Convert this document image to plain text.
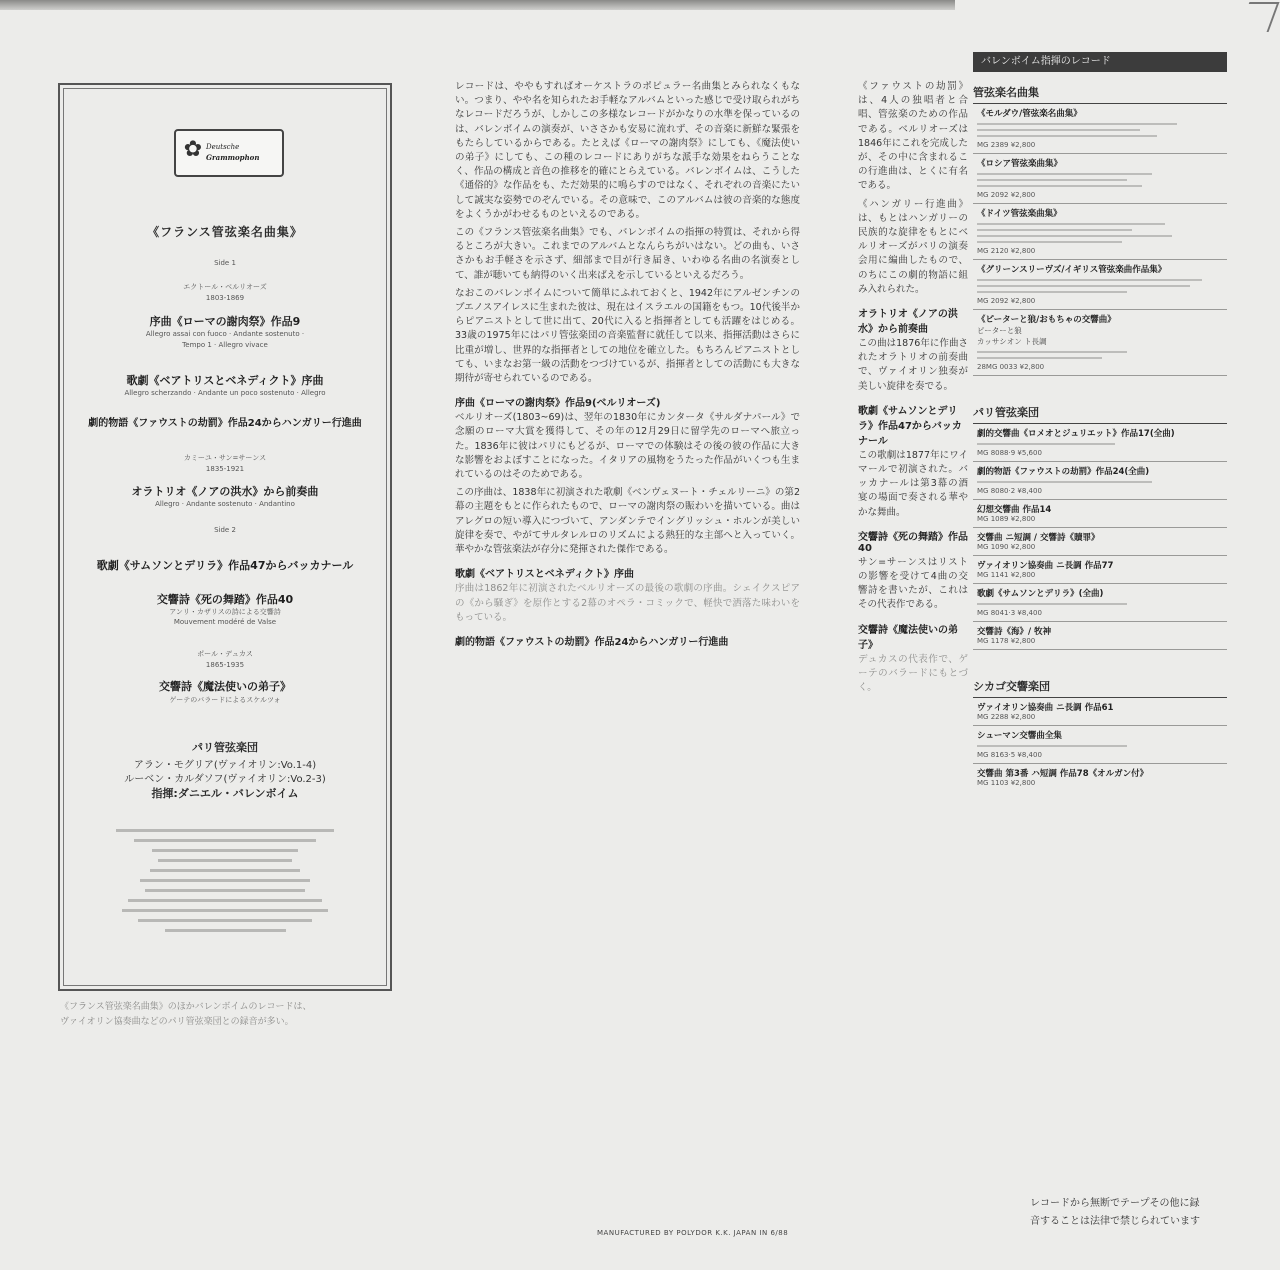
✿ Deutsche
Grammophon
《フランス管弦楽名曲集》
Side 1
エクトール・ベルリオーズ
1803-1869
序曲《ローマの謝肉祭》作品9
Allegro assai con fuoco · Andante sostenuto ·
Tempo 1 · Allegro vivace
歌劇《ベアトリスとベネディクト》序曲
Allegro scherzando · Andante un poco sostenuto · Allegro
劇的物語《ファウストの劫罰》作品24からハンガリー行進曲
カミーユ・サン=サーンス
1835-1921
オラトリオ《ノアの洪水》から前奏曲
Allegro · Andante sostenuto · Andantino
Side 2
歌劇《サムソンとデリラ》作品47からバッカナール
交響詩《死の舞踏》作品40
アンリ・カザリスの詩による交響詩
Mouvement modéré de Valse
ポール・デュカス
1865-1935
交響詩《魔法使いの弟子》
ゲーテのバラードによるスケルツォ
パリ管弦楽団
アラン・モグリア(ヴァイオリン:Vo.1-4)
ルーベン・カルダソフ(ヴァイオリン:Vo.2-3)
指揮:ダニエル・バレンボイム

《フランス管弦楽名曲集》のほかバレンボイムのレコードは、

ヴァイオリン協奏曲などのパリ管弦楽団との録音が多い。

レコードは、ややもすればオーケストラのポピュラー名曲集とみられなくもない。つまり、やや名を知られたお手軽なアルバムといった感じで受け取られがちなレコードだろうが、しかしこの多様なレコードがかなりの水準を保っているのは、バレンボイムの演奏が、いささかも安易に流れず、その音楽に新鮮な緊張をもたらしているからである。たとえば《ローマの謝肉祭》にしても、《魔法使いの弟子》にしても、この種のレコードにありがちな派手な効果をねらうことなく、作品の構成と音色の推移を的確にとらえている。バレンボイムは、こうした《通俗的》な作品をも、ただ効果的に鳴らすのではなく、それぞれの音楽にたいして誠実な姿勢でのぞんでいる。その意味で、このアルバムは彼の音楽的な態度をよくうかがわせるものといえるのである。
この《フランス管弦楽名曲集》でも、バレンボイムの指揮の特質は、それから得るところが大きい。これまでのアルバムとなんらちがいはない。どの曲も、いささかもお手軽さを示さず、細部まで目が行き届き、いわゆる名曲の名演奏として、誰が聴いても納得のいく出来ばえを示しているといえるだろう。
なおこのバレンボイムについて簡単にふれておくと、1942年にアルゼンチンのブエノスアイレスに生まれた彼は、現在はイスラエルの国籍をもつ。10代後半からピアニストとして世に出て、20代に入ると指揮者としても活躍をはじめる。33歳の1975年にはパリ管弦楽団の音楽監督に就任して以来、指揮活動はさらに比重が増し、世界的な指揮者としての地位を確立した。もちろんピアニストとしても、いまなお第一級の活動をつづけているが、指揮者としての活動にも大きな期待が寄せられているのである。
序曲《ローマの謝肉祭》作品9(ベルリオーズ)
ベルリオーズ(1803~69)は、翌年の1830年にカンタータ《サルダナパール》で念願のローマ大賞を獲得して、その年の12月29日に留学先のローマへ旅立った。1836年に彼はパリにもどるが、ローマでの体験はその後の彼の作品に大きな影響をおよぼすことになった。イタリアの風物をうたった作品がいくつも生まれているのはそのためである。
この序曲は、1838年に初演された歌劇《ベンヴェヌート・チェルリーニ》の第2幕の主題をもとに作られたもので、ローマの謝肉祭の賑わいを描いている。曲はアレグロの短い導入につづいて、アンダンテでイングリッシュ・ホルンが美しい旋律を奏で、やがてサルタレルロのリズムによる熱狂的な主部へと入っていく。華やかな管弦楽法が存分に発揮された傑作である。
歌劇《ベアトリスとベネディクト》序曲
序曲は1862年に初演されたベルリオーズの最後の歌劇の序曲。シェイクスピアの《から騒ぎ》を原作とする2幕のオペラ・コミックで、軽快で洒落た味わいをもっている。
劇的物語《ファウストの劫罰》作品24からハンガリー行進曲
《ファウストの劫罰》は、4人の独唱者と合唱、管弦楽のための作品である。ベルリオーズは1846年にこれを完成したが、その中に含まれるこの行進曲は、とくに有名である。
《ハンガリー行進曲》は、もとはハンガリーの民族的な旋律をもとにベルリオーズがパリの演奏会用に編曲したもので、のちにこの劇的物語に組み入れられた。
オラトリオ《ノアの洪水》から前奏曲
この曲は1876年に作曲されたオラトリオの前奏曲で、ヴァイオリン独奏が美しい旋律を奏でる。
歌劇《サムソンとデリラ》作品47からバッカナール
この歌劇は1877年にワイマールで初演された。バッカナールは第3幕の酒宴の場面で奏される華やかな舞曲。
交響詩《死の舞踏》作品40
サン=サーンスはリストの影響を受けて4曲の交響詩を書いたが、これはその代表作である。
交響詩《魔法使いの弟子》
デュカスの代表作で、ゲーテのバラードにもとづく。
バレンボイム指揮のレコード
管弦楽名曲集
《モルダウ/管弦楽名曲集》
MG 2389 ¥2,800
《ロシア管弦楽曲集》
MG 2092 ¥2,800
《ドイツ管弦楽曲集》
MG 2120 ¥2,800
《グリーンスリーヴズ/イギリス管弦楽曲作品集》
MG 2092 ¥2,800
《ピーターと狼/おもちゃの交響曲》
ピーターと狼
カッサシオン ト長調
28MG 0033 ¥2,800
パリ管弦楽団
劇的交響曲《ロメオとジュリエット》作品17(全曲)
MG 8088·9 ¥5,600
劇的物語《ファウストの劫罰》作品24(全曲)
MG 8080·2 ¥8,400
幻想交響曲 作品14
MG 1089 ¥2,800
交響曲 ニ短調 / 交響詩《贖罪》
MG 1090 ¥2,800
ヴァイオリン協奏曲 ニ長調 作品77
MG 1141 ¥2,800
歌劇《サムソンとデリラ》(全曲)
MG 8041·3 ¥8,400
交響詩《海》/ 牧神
MG 1178 ¥2,800
シカゴ交響楽団
ヴァイオリン協奏曲 ニ長調 作品61
MG 2288 ¥2,800
シューマン交響曲全集
MG 8163·5 ¥8,400
交響曲 第3番 ハ短調 作品78《オルガン付》
MG 1103 ¥2,800
MANUFACTURED BY POLYDOR K.K. JAPAN IN 6/88
レコードから無断でテープその他に録音することは法律で禁じられています
